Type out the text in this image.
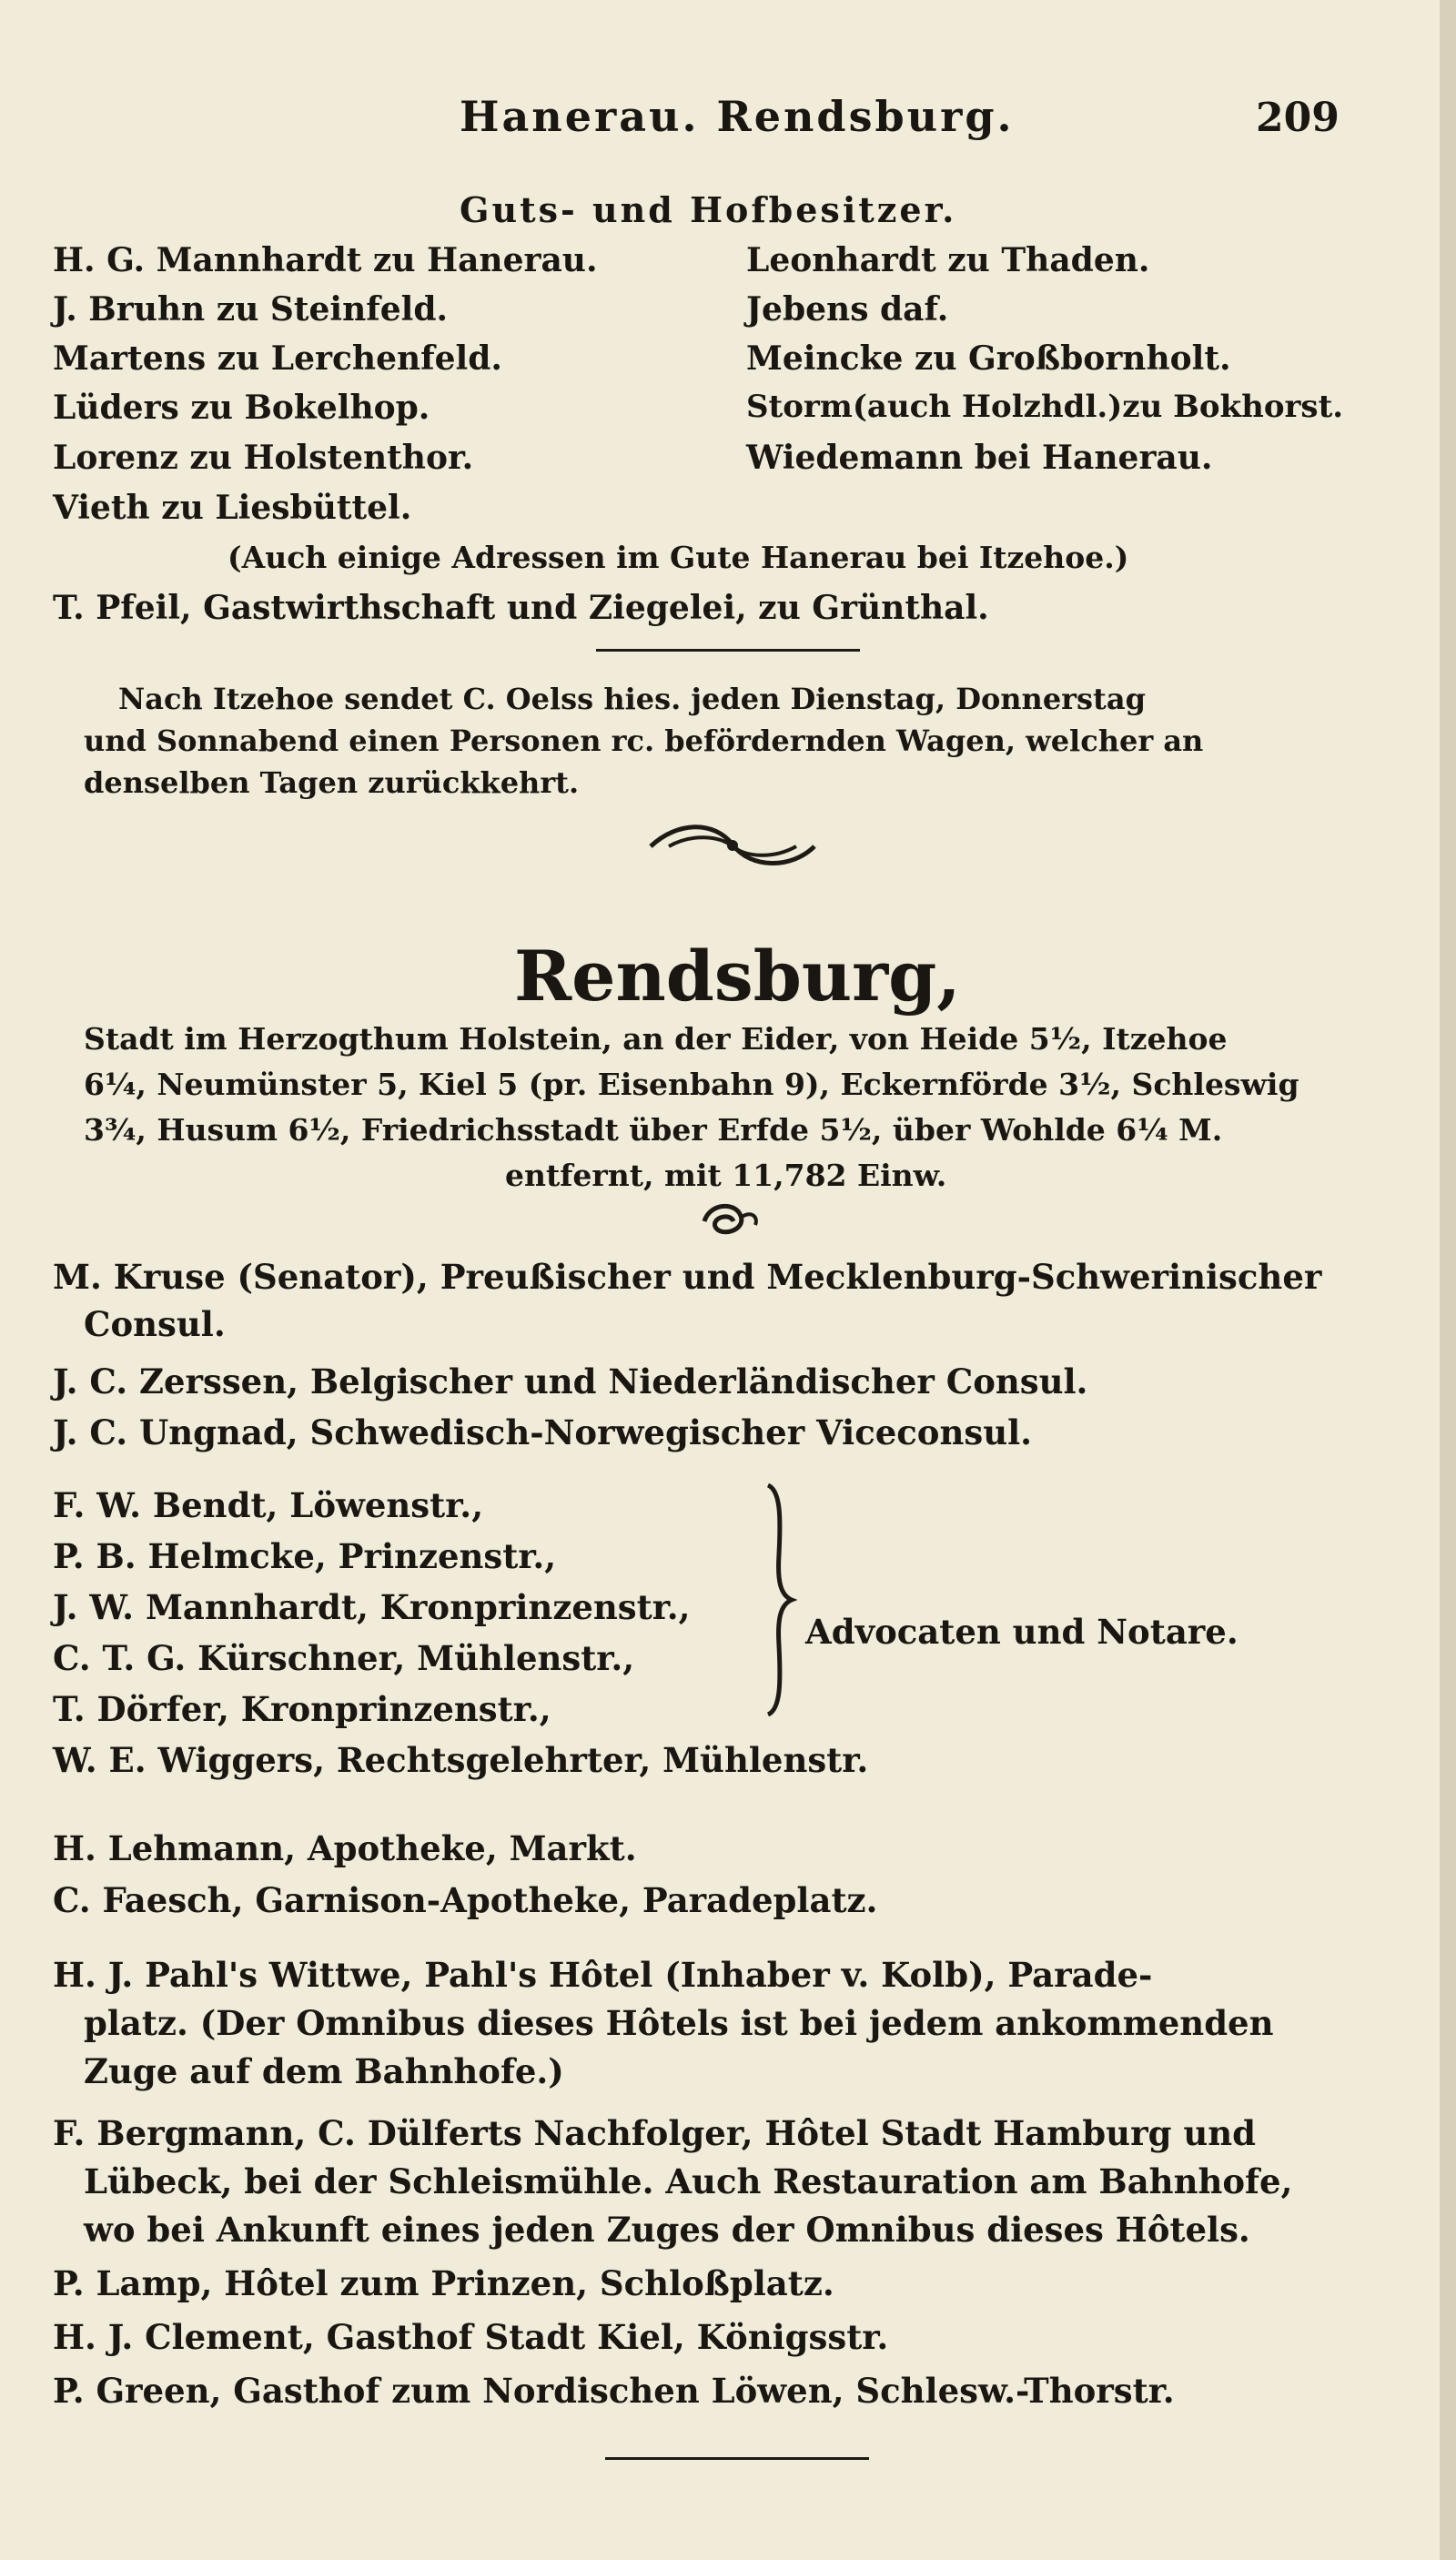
Hanerau. Rendsburg.	209
Guts- und Hofbesitzer.
H. G. Mannhardt zu Hanerau.
J. Bruhn zu Steinfeld.
Martens zu Lerchenfeld.
Lüders zu Bokelhop.
Lorenz zu Holstenthor.
Vieth zu Liesbüttel.
Leonhardt zu Thaden.
Jebens daf.
Meincke zu Großbornholt.
Storm(auch Holzhdl.)zu Bokhorst.
Wiedemann bei Hanerau.
(Auch einige Adressen im Gute Hanerau bei Itzehoe.)
T. Pfeil, Gastwirthschaft und Ziegelei, zu Grünthal.
Nach Itzehoe sendet C. Oelss hies. jeden Dienstag, Donnerstag
und Sonnabend einen Personen rc. befördernden Wagen, welcher an
denselben Tagen zurückkehrt.
Rendsburg,
Stadt im Herzogthum Holstein, an der Eider, von Heide 5½, Itzehoe
6¼, Neumünster 5, Kiel 5 (pr. Eisenbahn 9), Eckernförde 3½, Schleswig
3¾, Husum 6½, Friedrichsstadt über Erfde 5½, über Wohlde 6¼ M.
entfernt, mit 11,782 Einw.
M. Kruse (Senator), Preußischer und Mecklenburg-Schwerinischer
Consul.
J. C. Zerssen, Belgischer und Niederländischer Consul.
J. C. Ungnad, Schwedisch-Norwegischer Viceconsul.
F. W. Bendt, Löwenstr.,
P. B. Helmcke, Prinzenstr.,
J. W. Mannhardt, Kronprinzenstr.,
C. T. G. Kürschner, Mühlenstr.,
T. Dörfer, Kronprinzenstr.,
W. E. Wiggers, Rechtsgelehrter, Mühlenstr.
Advocaten und Notare.
H. Lehmann, Apotheke, Markt.
C. Faesch, Garnison-Apotheke, Paradeplatz.
H. J. Pahl's Wittwe, Pahl's Hôtel (Inhaber v. Kolb), Parade-
platz. (Der Omnibus dieses Hôtels ist bei jedem ankommenden
Zuge auf dem Bahnhofe.)
F. Bergmann, C. Dülferts Nachfolger, Hôtel Stadt Hamburg und
Lübeck, bei der Schleismühle. Auch Restauration am Bahnhofe,
wo bei Ankunft eines jeden Zuges der Omnibus dieses Hôtels.
P. Lamp, Hôtel zum Prinzen, Schloßplatz.
H. J. Clement, Gasthof Stadt Kiel, Königsstr.
P. Green, Gasthof zum Nordischen Löwen, Schlesw.-Thorstr.
